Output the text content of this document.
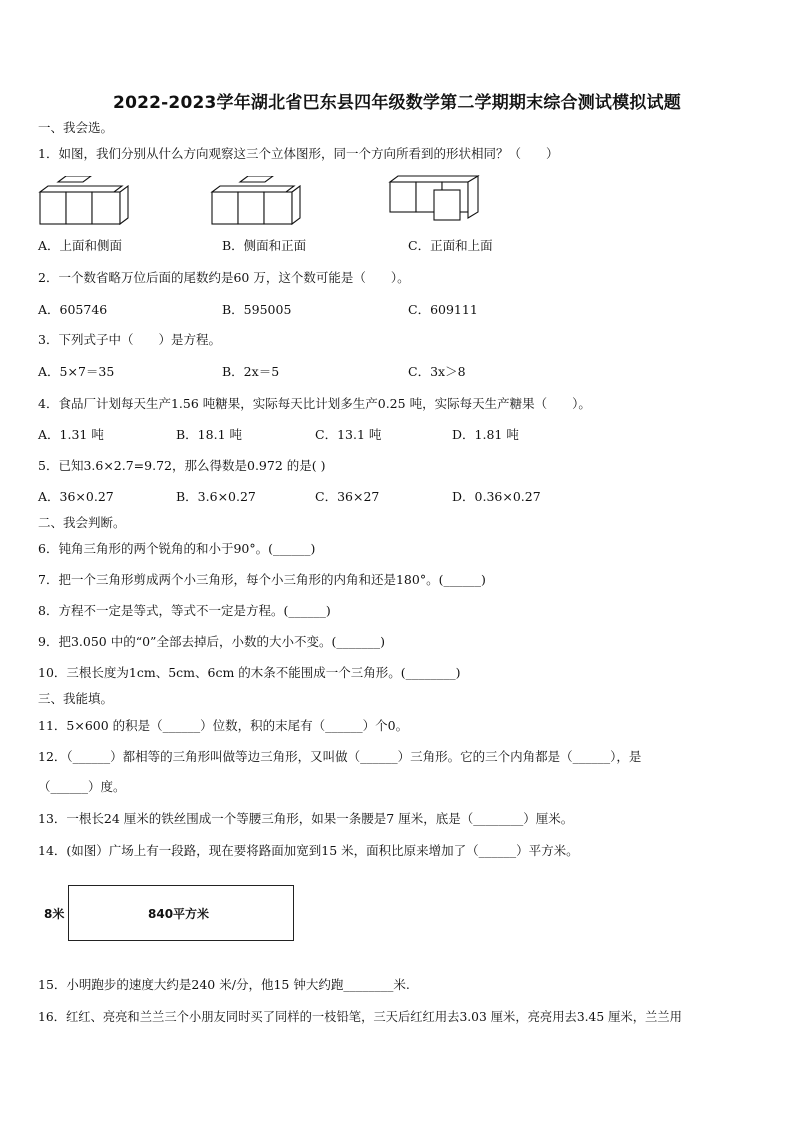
2022-2023学年湖北省巴东县四年级数学第二学期期末综合测试模拟试题
一、我会选。
1．如图，我们分别从什么方向观察这三个立体图形，同一个方向所看到的形状相同？（　　）
A．上面和侧面	B．侧面和正面	C．正面和上面
2．一个数省略万位后面的尾数约是60 万，这个数可能是（　　）。
A．605746	B．595005	C．609111
3．下列式子中（　　）是方程。
A．5×7＝35	B．2x＝5	C．3x＞8
4．食品厂计划每天生产1.56 吨糖果，实际每天比计划多生产0.25 吨，实际每天生产糖果（　　）。
A．1.31 吨	B．18.1 吨	C．13.1 吨	D．1.81 吨
5．已知3.6×2.7=9.72，那么得数是0.972 的是( )
A．36×0.27	B．3.6×0.27	C．36×27	D．0.36×0.27
二、我会判断。
6．钝角三角形的两个锐角的和小于90°。(______)
7．把一个三角形剪成两个小三角形，每个小三角形的内角和还是180°。(______)
8．方程不一定是等式，等式不一定是方程。(______)
9．把3.050 中的“0”全部去掉后，小数的大小不变。(_______)
10．三根长度为1cm、5cm、6cm 的木条不能围成一个三角形。(________)
三、我能填。
11．5×600 的积是（______）位数，积的末尾有（______）个0。
12．（______）都相等的三角形叫做等边三角形，又叫做（______）三角形。它的三个内角都是（______），是
（______）度。
13．一根长24 厘米的铁丝围成一个等腰三角形，如果一条腰是7 厘米，底是（________）厘米。
14．(如图）广场上有一段路，现在要将路面加宽到15 米，面积比原来增加了（______）平方米。
8米	840平方米
15．小明跑步的速度大约是240 米/分，他15 钟大约跑________米.
16．红红、亮亮和兰兰三个小朋友同时买了同样的一枝铅笔，三天后红红用去3.03 厘米，亮亮用去3.45 厘米，兰兰用
